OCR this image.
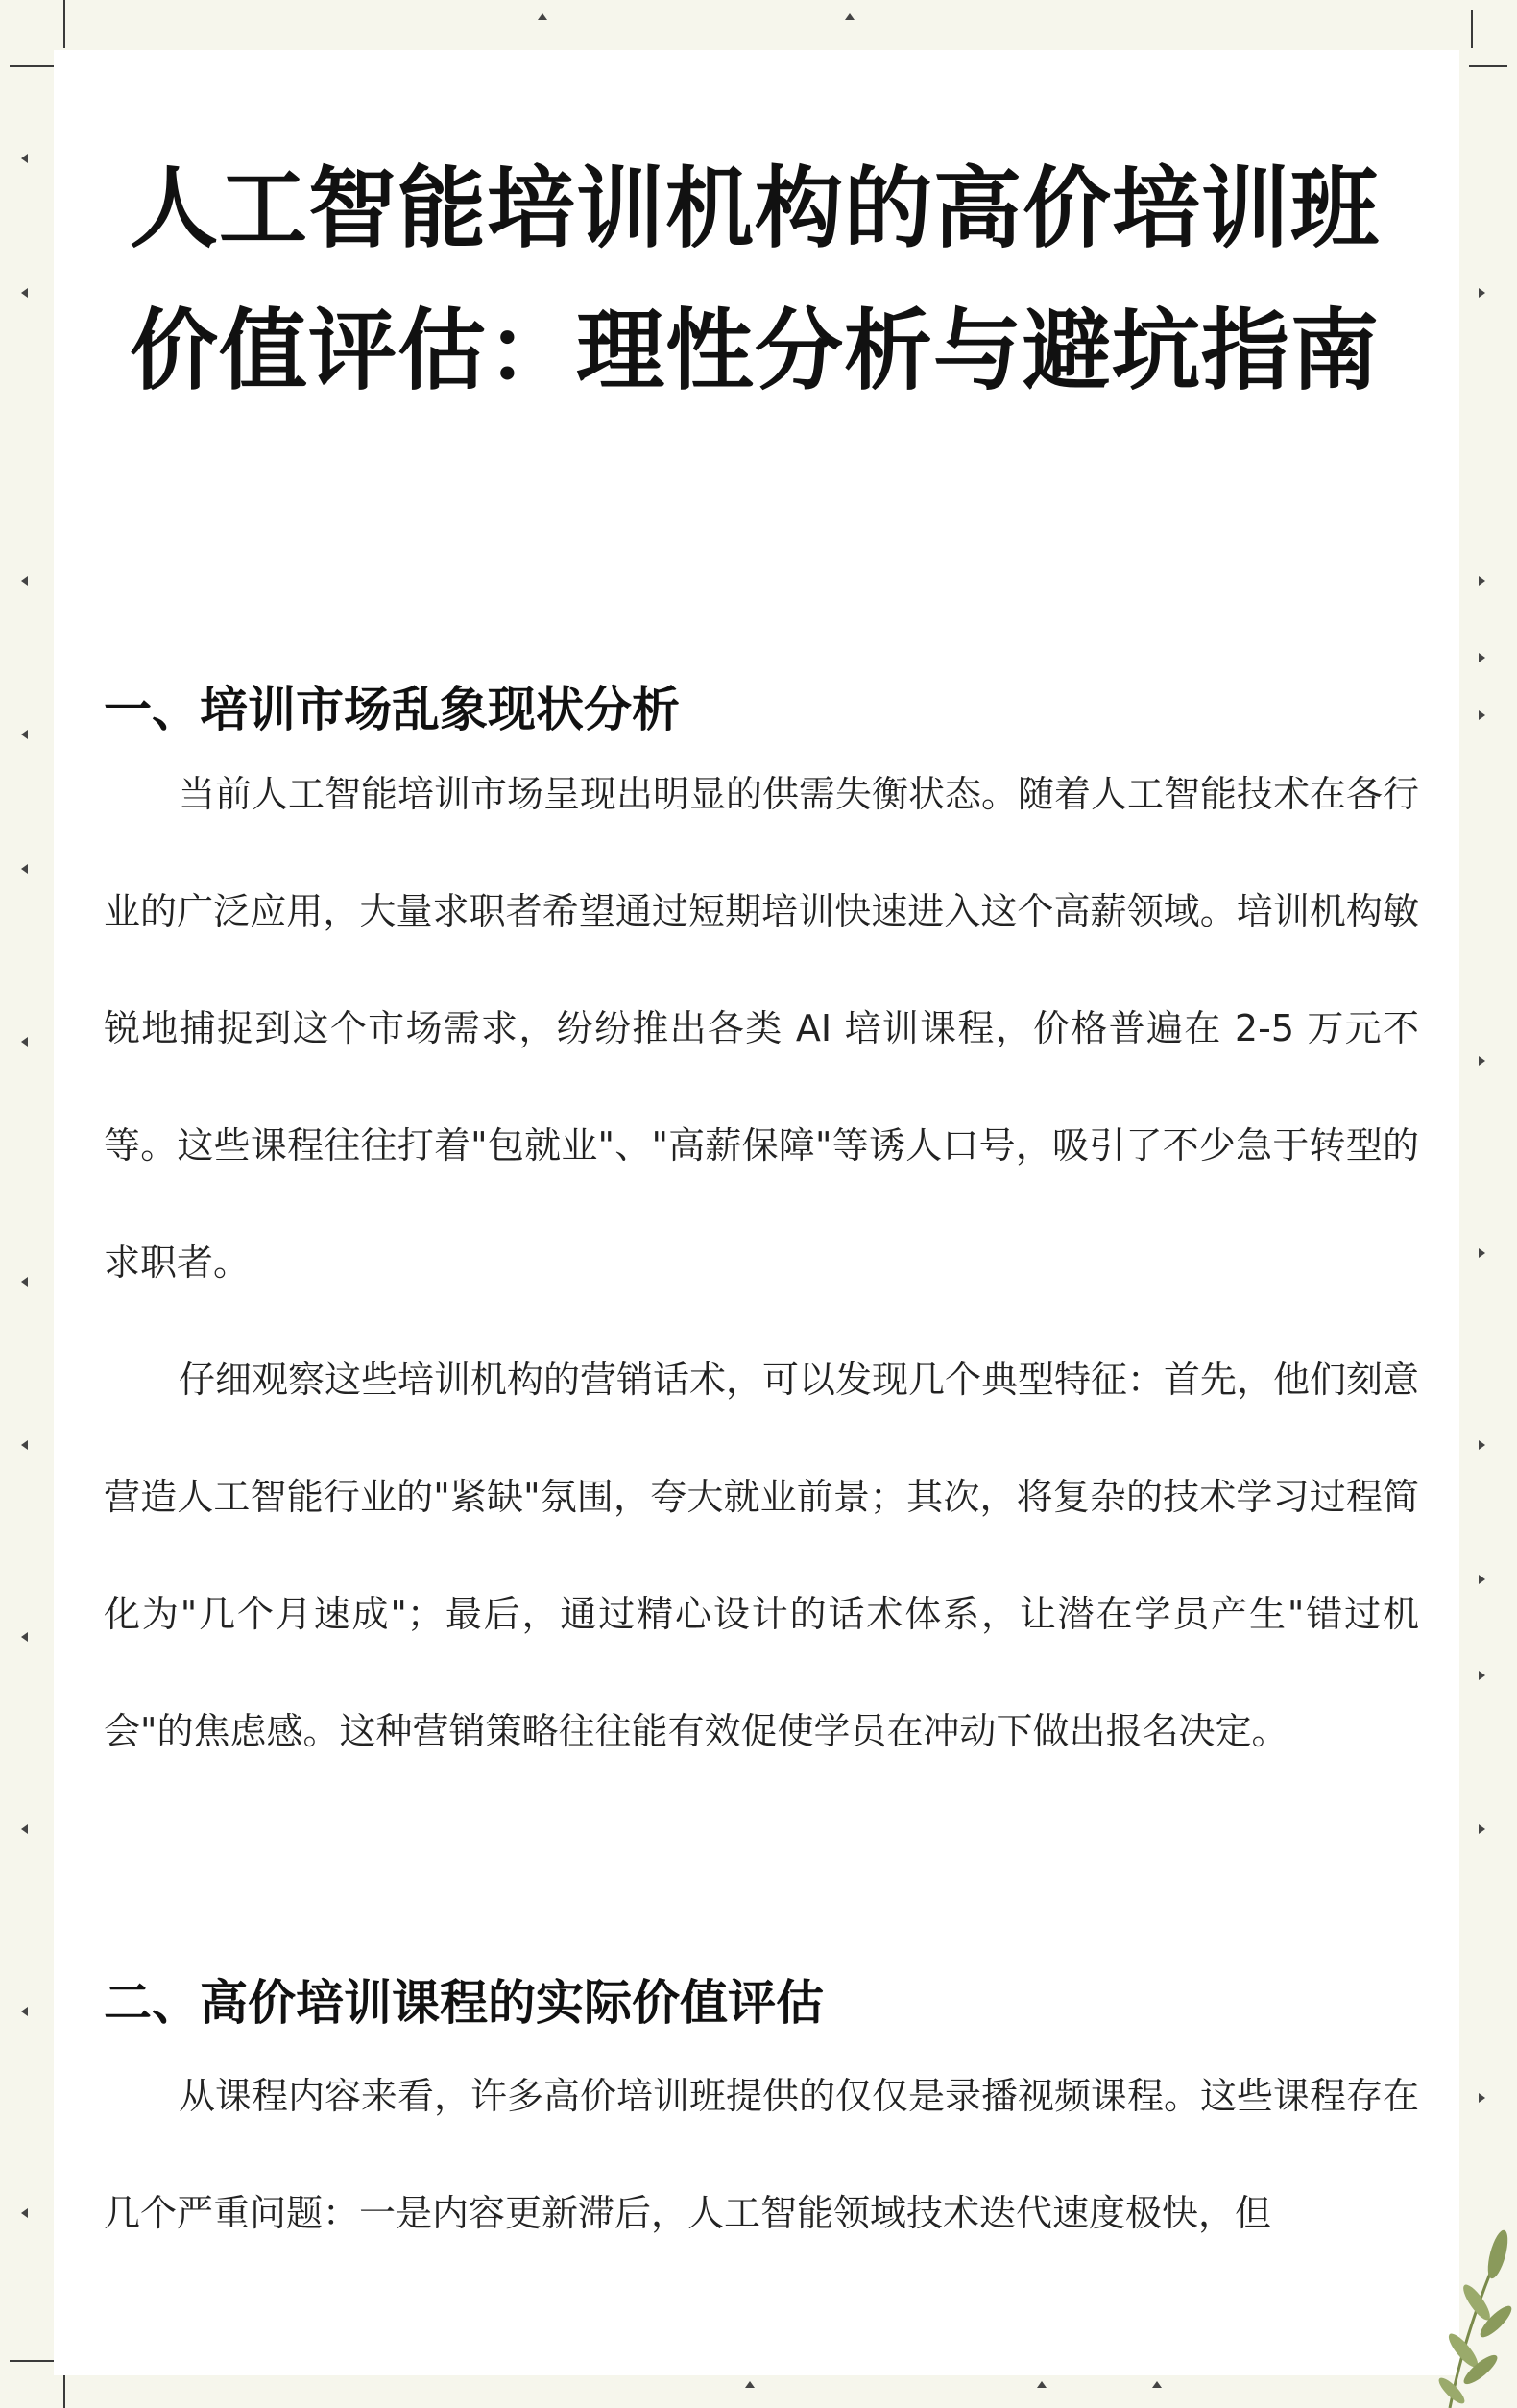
人工智能培训机构的高价培训班价值评估：理性分析与避坑指南
一、培训市场乱象现状分析

当前人工智能培训市场呈现出明显的供需失衡状态。随着人工智能技术在各行业的广泛应用，大量求职者希望通过短期培训快速进入这个高薪领域。培训机构敏锐地捕捉到这个市场需求，纷纷推出各类 AI 培训课程，价格普遍在 2-5 万元不等。这些课程往往打着"包就业"、"高薪保障"等诱人口号，吸引了不少急于转型的求职者。

仔细观察这些培训机构的营销话术，可以发现几个典型特征：首先，他们刻意营造人工智能行业的"紧缺"氛围，夸大就业前景；其次，将复杂的技术学习过程简化为"几个月速成"；最后，通过精心设计的话术体系，让潜在学员产生"错过机会"的焦虑感。这种营销策略往往能有效促使学员在冲动下做出报名决定。

二、高价培训课程的实际价值评估

从课程内容来看，许多高价培训班提供的仅仅是录播视频课程。这些课程存在几个严重问题：一是内容更新滞后，人工智能领域技术迭代速度极快，但
